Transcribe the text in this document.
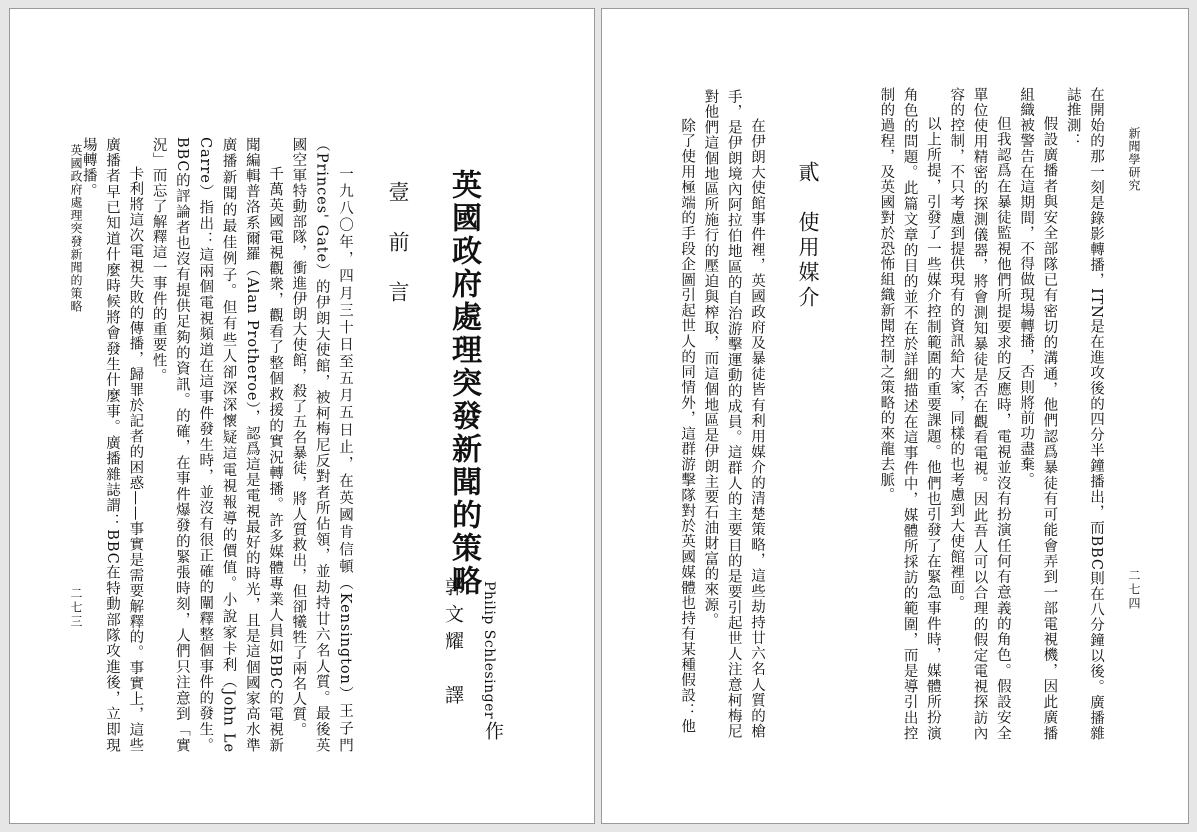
英國政府處理突發新聞的策略
Philip Schlesinger
作
郭文耀　譯
壹　前　言

一九八〇年，四月三十日至五月五日止，在英國肯信頓（Kensington）王子門（Princes' Gate）的伊朗大使館，被柯梅尼反對者所佔領，並劫持廿六名人質。最後英國空軍特動部隊，衝進伊朗大使館，殺了五名暴徒，將人質救出，但卻犧牲了兩名人質。

千萬英國電視觀衆，觀看了整個救援的實況轉播。許多媒體專業人員如BBC的電視新聞編輯普洛系爾羅（Alan Protheroe），認爲這是電視最好的時光，且是這個國家高水準廣播新聞的最佳例子。但有些人卻深深懷疑這電視報導的價值。小說家卡利（John Le Carre）指出：這兩個電視頻道在這事件發生時，並沒有很正確的闡釋整個事件的發生。BBC的評論者也沒有提供足夠的資訊。的確，在事件爆發的緊張時刻，人們只注意到「實況」而忘了解釋這一事件的重要性。

卡利將這次電視失敗的傳播，歸罪於記者的困惑——事實是需要解釋的。事實上，這些廣播者早已知道什麼時候將會發生什麼事。廣播雜誌謂：BBC在特動部隊攻進後，立即現場轉播。

英國政府處理突發新聞的策略
二七三
新聞學研究
二七四

在開始的那一刻是錄影轉播，ITN是在進攻後的四分半鐘播出，而BBC則在八分鐘以後。廣播雜誌推測：

假設廣播者與安全部隊已有密切的溝通，他們認爲暴徒有可能會弄到一部電視機，因此廣播組織被警告在這期間，不得做現場轉播，否則將前功盡棄。

但我認爲在暴徒監視他們所提要求的反應時，電視並沒有扮演任何有意義的角色。假設安全單位使用精密的探測儀器，將會測知暴徒是否在觀看電視。因此吾人可以合理的假定電視探訪內容的控制，不只考慮到提供現有的資訊給大家，同樣的也考慮到大使館裡面。

以上所提，引發了一些媒介控制範圍的重要課題。他們也引發了在緊急事件時，媒體所扮演角色的問題。此篇文章的目的並不在於詳細描述在這事件中，媒體所採訪的範圍，而是導引出控制的過程，及英國對於恐怖組織新聞控制之策略的來龍去脈。

貳　使用媒介

在伊朗大使館事件裡，英國政府及暴徒皆有利用媒介的清楚策略，這些劫持廿六名人質的槍手，是伊朗境內阿拉伯地區的自治游擊運動的成員。這群人的主要目的是要引起世人注意柯梅尼對他們這個地區所施行的壓迫與榨取，而這個地區是伊朗主要石油財富的來源。

除了使用極端的手段企圖引起世人的同情外，這群游擊隊對於英國媒體也持有某種假設：他
